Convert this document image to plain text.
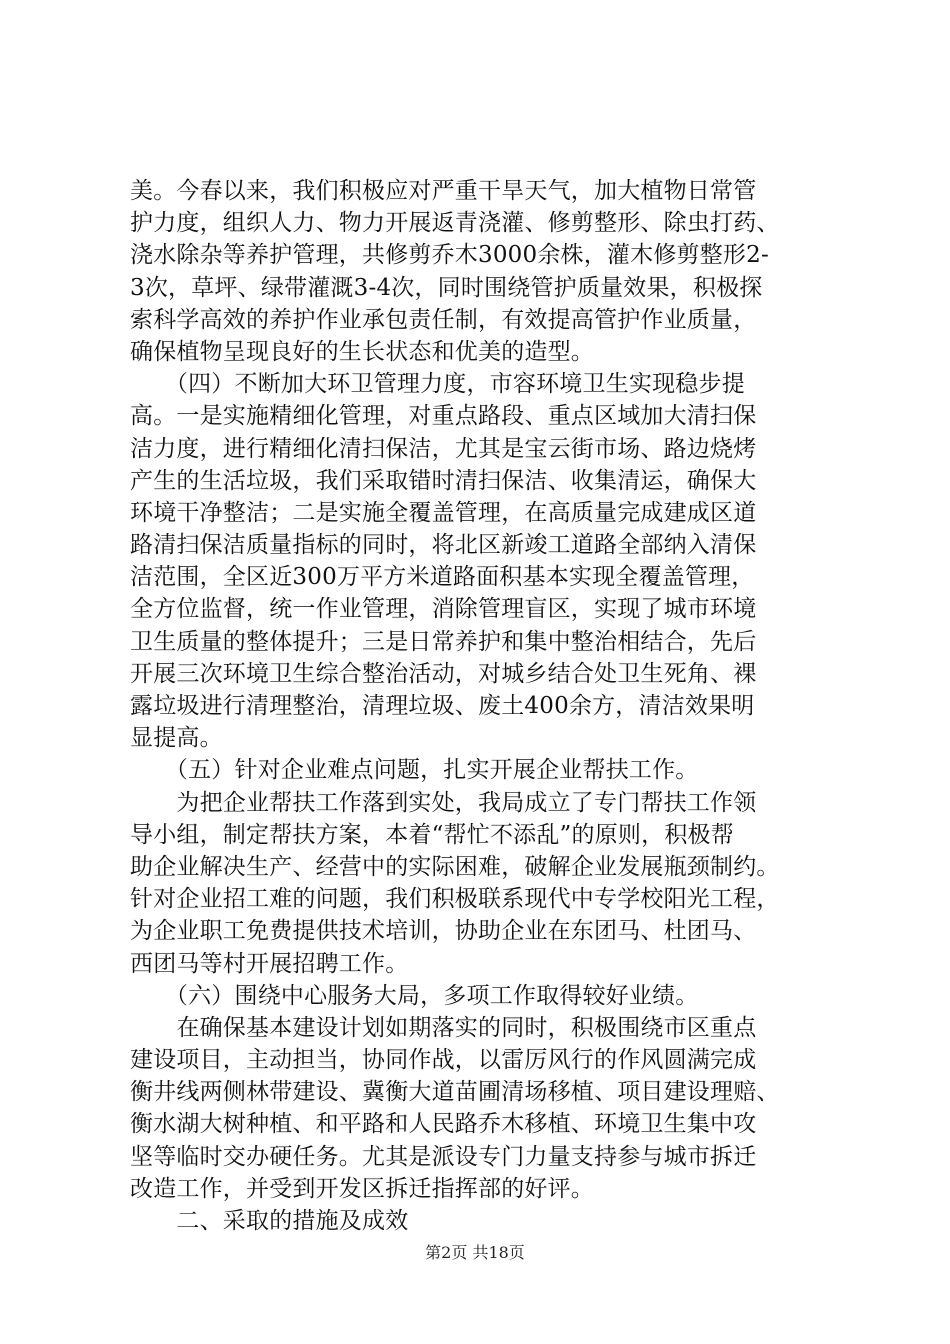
美。今春以来，我们积极应对严重干旱天气，加大植物日常管
护力度，组织人力、物力开展返青浇灌、修剪整形、除虫打药、
浇水除杂等养护管理，共修剪乔木3000余株，灌木修剪整形2-
3次，草坪、绿带灌溉3-4次，同时围绕管护质量效果，积极探
索科学高效的养护作业承包责任制，有效提高管护作业质量，
确保植物呈现良好的生长状态和优美的造型。
　　（四）不断加大环卫管理力度，市容环境卫生实现稳步提
高。一是实施精细化管理，对重点路段、重点区域加大清扫保
洁力度，进行精细化清扫保洁，尤其是宝云街市场、路边烧烤
产生的生活垃圾，我们采取错时清扫保洁、收集清运，确保大
环境干净整洁；二是实施全覆盖管理，在高质量完成建成区道
路清扫保洁质量指标的同时，将北区新竣工道路全部纳入清保
洁范围，全区近300万平方米道路面积基本实现全覆盖管理，
全方位监督，统一作业管理，消除管理盲区，实现了城市环境
卫生质量的整体提升；三是日常养护和集中整治相结合，先后
开展三次环境卫生综合整治活动，对城乡结合处卫生死角、裸
露垃圾进行清理整治，清理垃圾、废土400余方，清洁效果明
显提高。
　　（五）针对企业难点问题，扎实开展企业帮扶工作。
　　为把企业帮扶工作落到实处，我局成立了专门帮扶工作领
导小组，制定帮扶方案，本着“帮忙不添乱”的原则，积极帮
助企业解决生产、经营中的实际困难，破解企业发展瓶颈制约。
针对企业招工难的问题，我们积极联系现代中专学校阳光工程，
为企业职工免费提供技术培训，协助企业在东团马、杜团马、
西团马等村开展招聘工作。
　　（六）围绕中心服务大局，多项工作取得较好业绩。
　　在确保基本建设计划如期落实的同时，积极围绕市区重点
建设项目，主动担当，协同作战，以雷厉风行的作风圆满完成
衡井线两侧林带建设、冀衡大道苗圃清场移植、项目建设理赔、
衡水湖大树种植、和平路和人民路乔木移植、环境卫生集中攻
坚等临时交办硬任务。尤其是派设专门力量支持参与城市拆迁
改造工作，并受到开发区拆迁指挥部的好评。
　　二、采取的措施及成效
第2页 共18页
